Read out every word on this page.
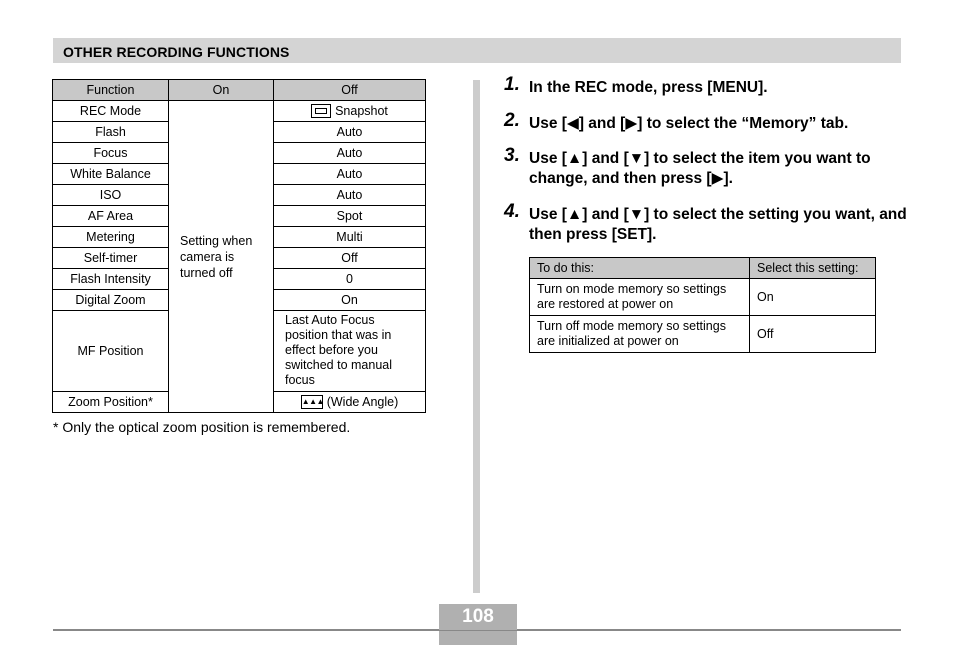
OTHER RECORDING FUNCTIONS
Function	On	Off
REC Mode	Setting when camera is turned off	Snapshot
Flash		Auto
Focus		Auto
White Balance		Auto
ISO		Auto
AF Area		Spot
Metering		Multi
Self-timer		Off
Flash Intensity		0
Digital Zoom		On
MF Position		Last Auto Focus position that was in effect before you switched to manual focus
Zoom Position*		▲▲▲ (Wide Angle)
* Only the optical zoom position is remembered.
1. In the REC mode, press [MENU].
2. Use [◀] and [▶] to select the “Memory” tab.
3. Use [▲] and [▼] to select the item you want to change, and then press [▶].
4. Use [▲] and [▼] to select the setting you want, and then press [SET].
To do this:	Select this setting:
Turn on mode memory so settings are restored at power on	On
Turn off mode memory so settings are initialized at power on	Off
108
